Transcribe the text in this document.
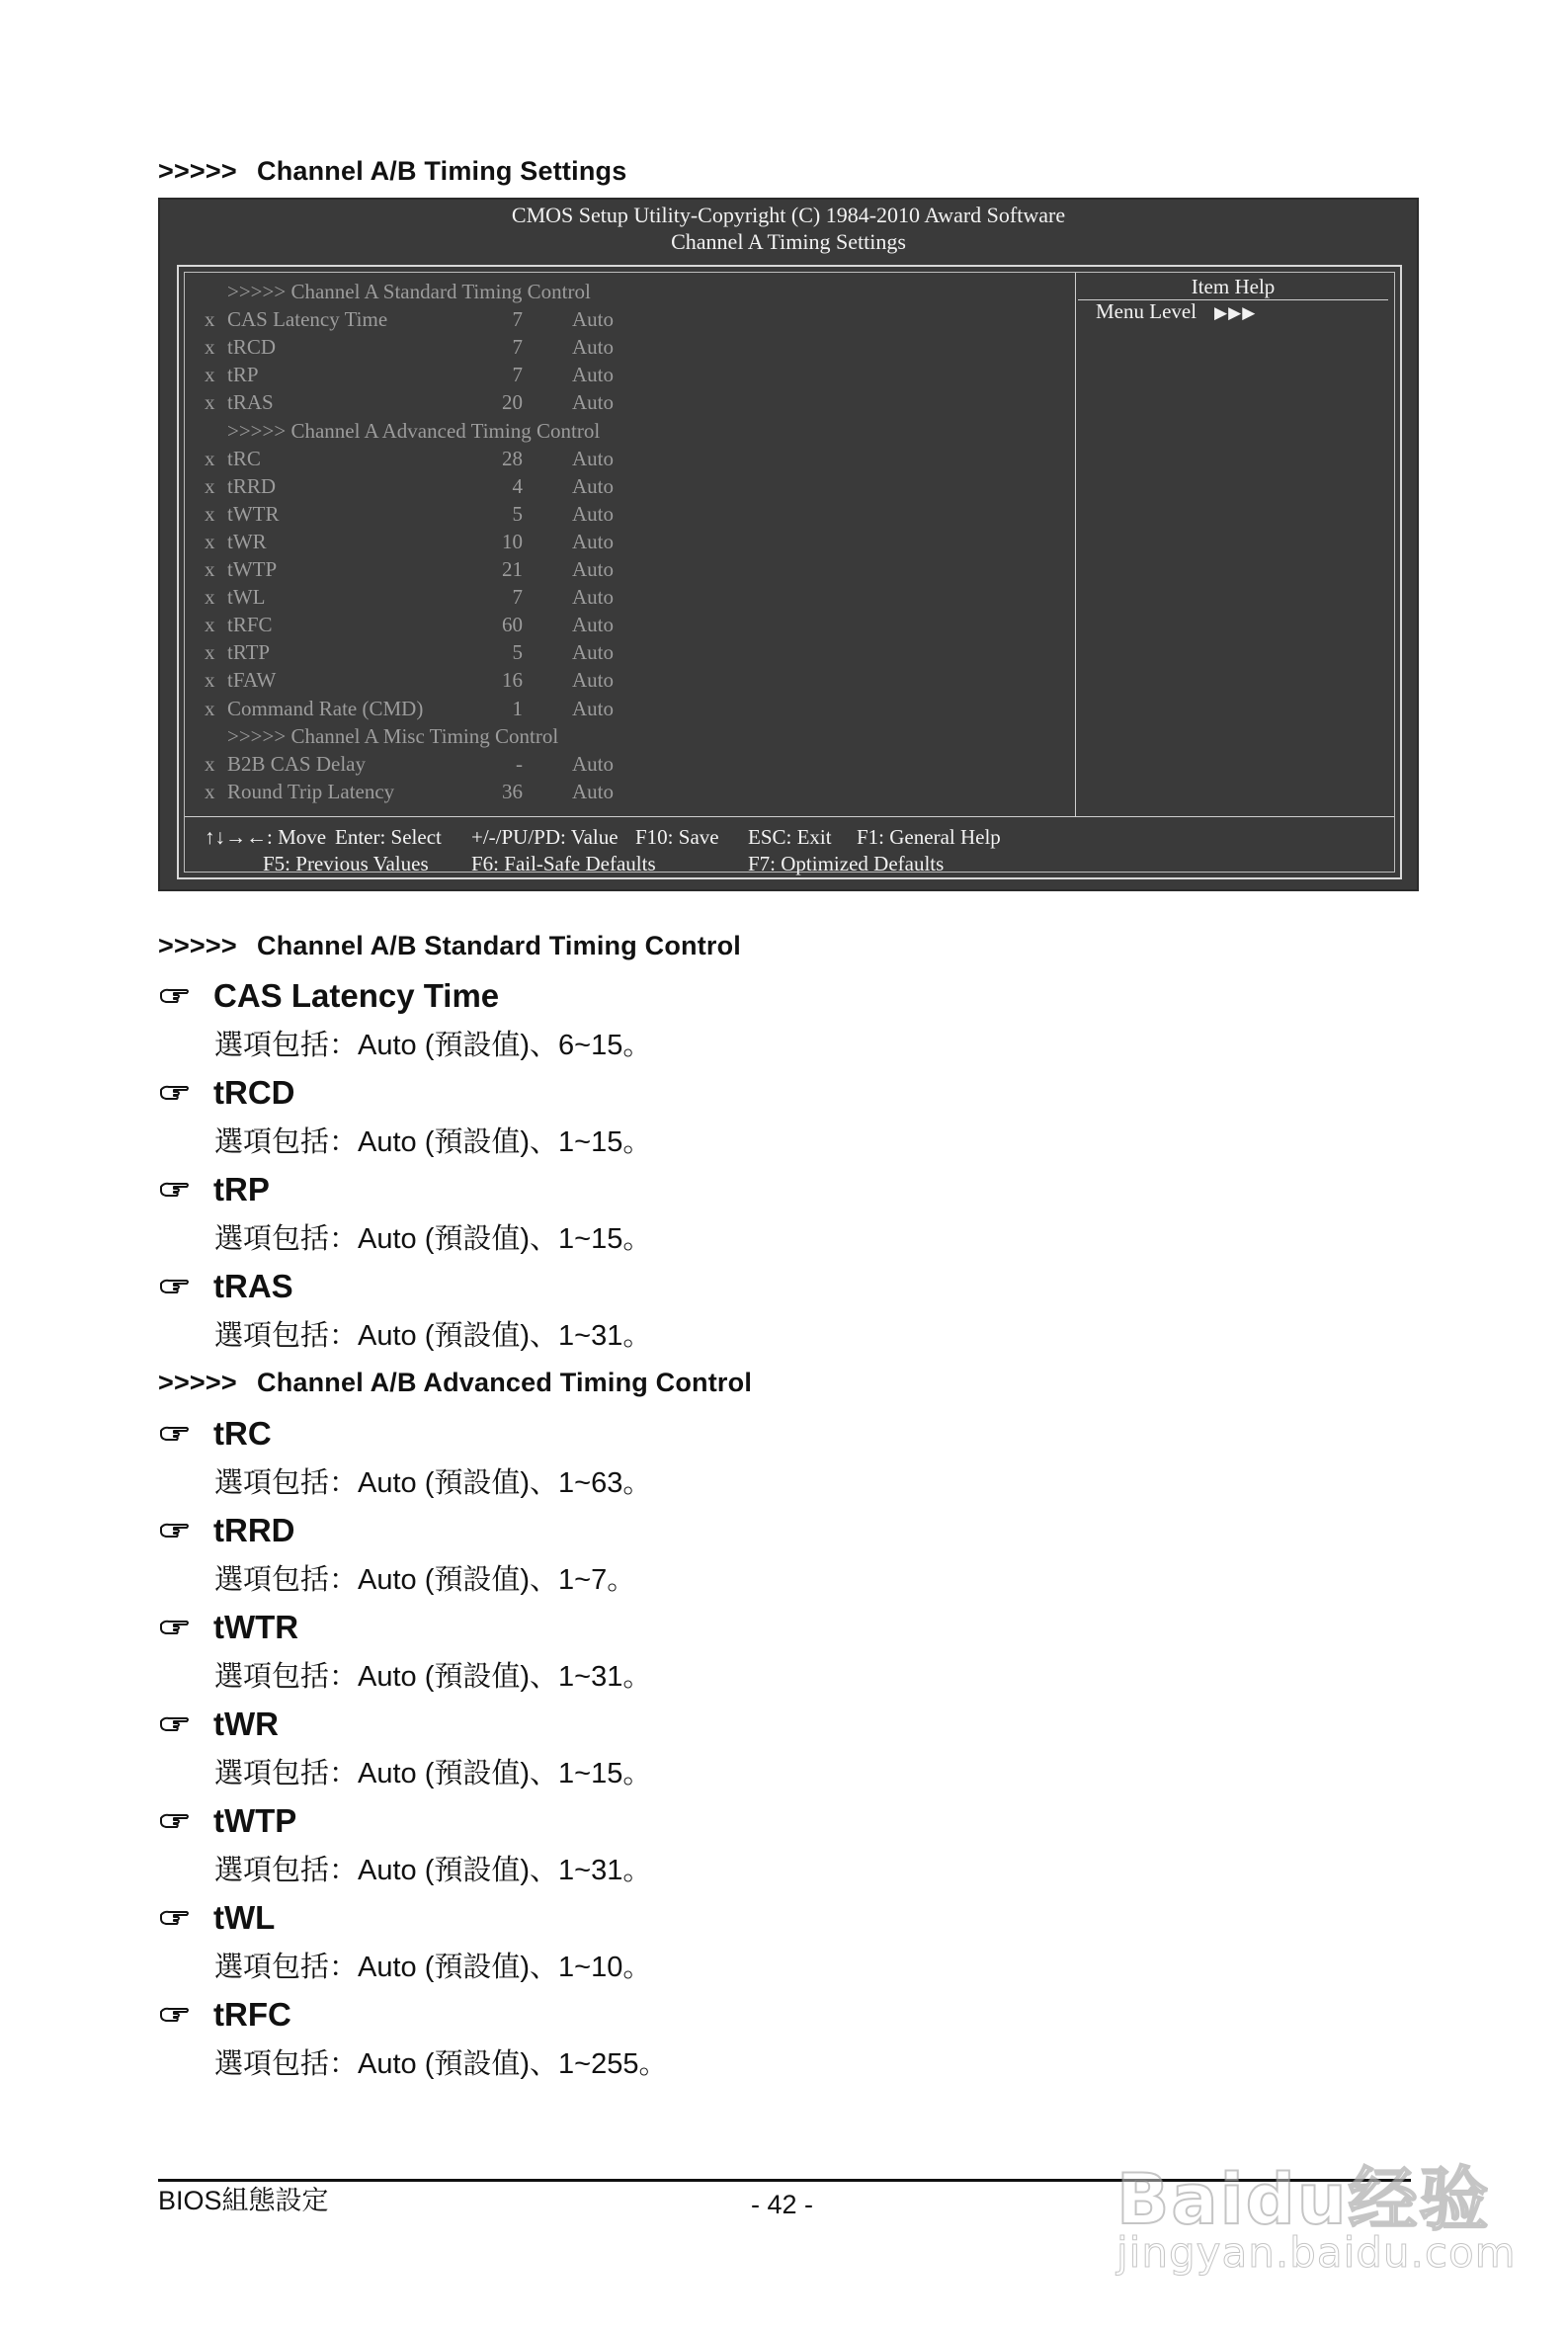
>>>>> Channel A/B Timing Settings
CMOS Setup Utility-Copyright (C) 1984-2010 Award Software
Channel A Timing Settings
>>>>> Channel A Standard Timing Control
x CAS Latency Time	7 Auto
x tRCD	7 Auto
x tRP	7 Auto
x tRAS	20 Auto
>>>>> Channel A Advanced Timing Control
x tRC	28 Auto
x tRRD	4 Auto
x tWTR	5 Auto
x tWR	10 Auto
x tWTP	21 Auto
x tWL	7 Auto
x tRFC	60 Auto
x tRTP	5 Auto
x tFAW	16 Auto
x Command Rate (CMD)	1 Auto
>>>>> Channel A Misc Timing Control
x B2B CAS Delay	- Auto
x Round Trip Latency	36 Auto
Item Help
Menu Level ▶▶▶
↑↓→←: Move Enter: Select +/-/PU/PD: Value F10: Save ESC: Exit F1: General Help
F5: Previous Values F6: Fail-Safe Defaults	F7: Optimized Defaults
>>>>> Channel A/B Standard Timing Control
>>>>> Channel A/B Advanced Timing Control
CAS Latency Time
選項包括：Auto (預設值)、6~15。
tRCD
選項包括：Auto (預設值)、1~15。
tRP
選項包括：Auto (預設值)、1~15。
tRAS
選項包括：Auto (預設值)、1~31。
tRC
選項包括：Auto (預設值)、1~63。
tRRD
選項包括：Auto (預設值)、1~7。
tWTR
選項包括：Auto (預設值)、1~31。
tWR
選項包括：Auto (預設值)、1~15。
tWTP
選項包括：Auto (預設值)、1~31。
tWL
選項包括：Auto (預設值)、1~10。
tRFC
選項包括：Auto (預設值)、1~255。
BIOS組態設定	- 42 -	Baidu经验
jingyan.baidu.com
